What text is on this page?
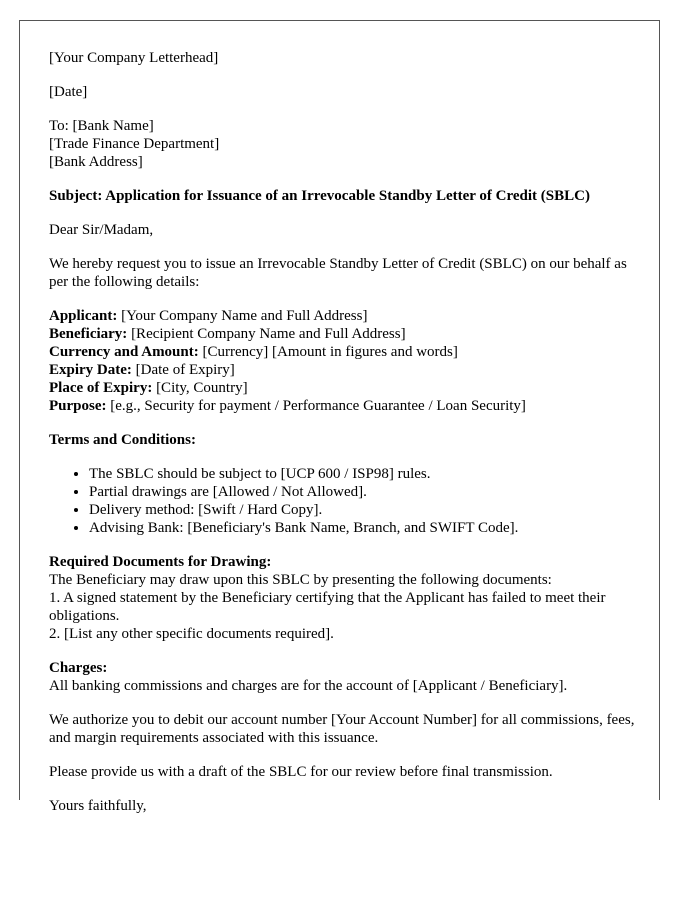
[Your Company Letterhead]

[Date]

To: [Bank Name]
[Trade Finance Department]
[Bank Address]

Subject: Application for Issuance of an Irrevocable Standby Letter of Credit (SBLC)

Dear Sir/Madam,

We hereby request you to issue an Irrevocable Standby Letter of Credit (SBLC) on our behalf as per the following details:

Applicant: [Your Company Name and Full Address]
Beneficiary: [Recipient Company Name and Full Address]
Currency and Amount: [Currency] [Amount in figures and words]
Expiry Date: [Date of Expiry]
Place of Expiry: [City, Country]
Purpose: [e.g., Security for payment / Performance Guarantee / Loan Security]

Terms and Conditions:

• The SBLC should be subject to [UCP 600 / ISP98] rules.
• Partial drawings are [Allowed / Not Allowed].
• Delivery method: [Swift / Hard Copy].
• Advising Bank: [Beneficiary's Bank Name, Branch, and SWIFT Code].

Required Documents for Drawing:
The Beneficiary may draw upon this SBLC by presenting the following documents:
1. A signed statement by the Beneficiary certifying that the Applicant has failed to meet their obligations.
2. [List any other specific documents required].

Charges:
All banking commissions and charges are for the account of [Applicant / Beneficiary].

We authorize you to debit our account number [Your Account Number] for all commissions, fees, and margin requirements associated with this issuance.

Please provide us with a draft of the SBLC for our review before final transmission.

Yours faithfully,
